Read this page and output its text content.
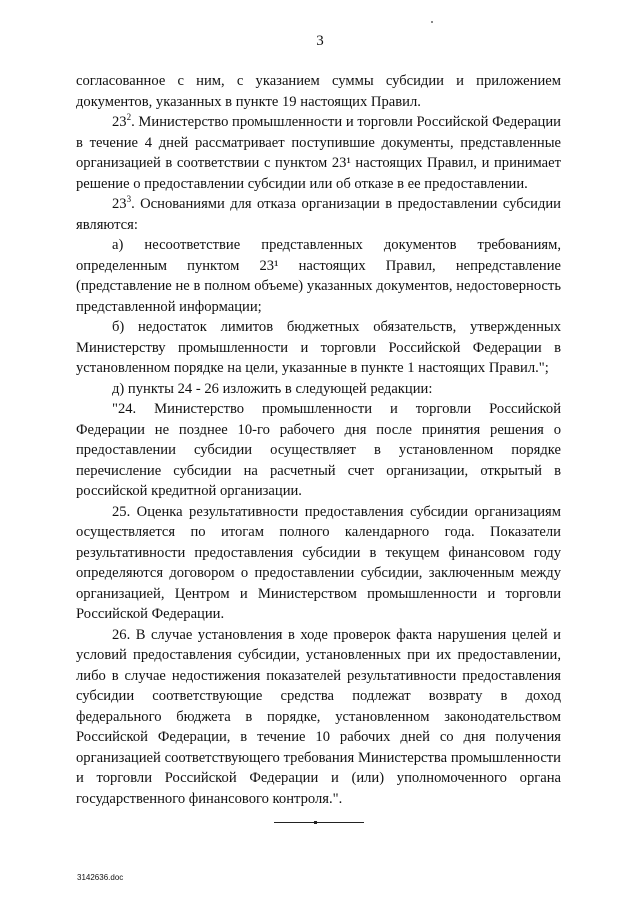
3

согласованное с ним, с указанием суммы субсидии и приложением документов, указанных в пункте 19 настоящих Правил.

$23^2$. Министерство промышленности и торговли Российской Федерации в течение 4 дней рассматривает поступившие документы, представленные организацией в соответствии с пунктом 23¹ настоящих Правил, и принимает решение о предоставлении субсидии или об отказе в ее предоставлении.

$23^3$. Основаниями для отказа организации в предоставлении субсидии являются:

а) несоответствие представленных документов требованиям, определенным пунктом 23¹ настоящих Правил, непредставление (представление не в полном объеме) указанных документов, недостоверность представленной информации;

б) недостаток лимитов бюджетных обязательств, утвержденных Министерству промышленности и торговли Российской Федерации в установленном порядке на цели, указанные в пункте 1 настоящих Правил.";

д) пункты 24 - 26 изложить в следующей редакции:

"24. Министерство промышленности и торговли Российской Федерации не позднее 10-го рабочего дня после принятия решения о предоставлении субсидии осуществляет в установленном порядке перечисление субсидии на расчетный счет организации, открытый в российской кредитной организации.

25. Оценка результативности предоставления субсидии организациям осуществляется по итогам полного календарного года. Показатели результативности предоставления субсидии в текущем финансовом году определяются договором о предоставлении субсидии, заключенным между организацией, Центром и Министерством промышленности и торговли Российской Федерации.

26. В случае установления в ходе проверок факта нарушения целей и условий предоставления субсидии, установленных при их предоставлении, либо в случае недостижения показателей результативности предоставления субсидии соответствующие средства подлежат возврату в доход федерального бюджета в порядке, установленном законодательством Российской Федерации, в течение 10 рабочих дней со дня получения организацией соответствующего требования Министерства промышленности и торговли Российской Федерации и (или) уполномоченного органа государственного финансового контроля.".

3142636.doc
